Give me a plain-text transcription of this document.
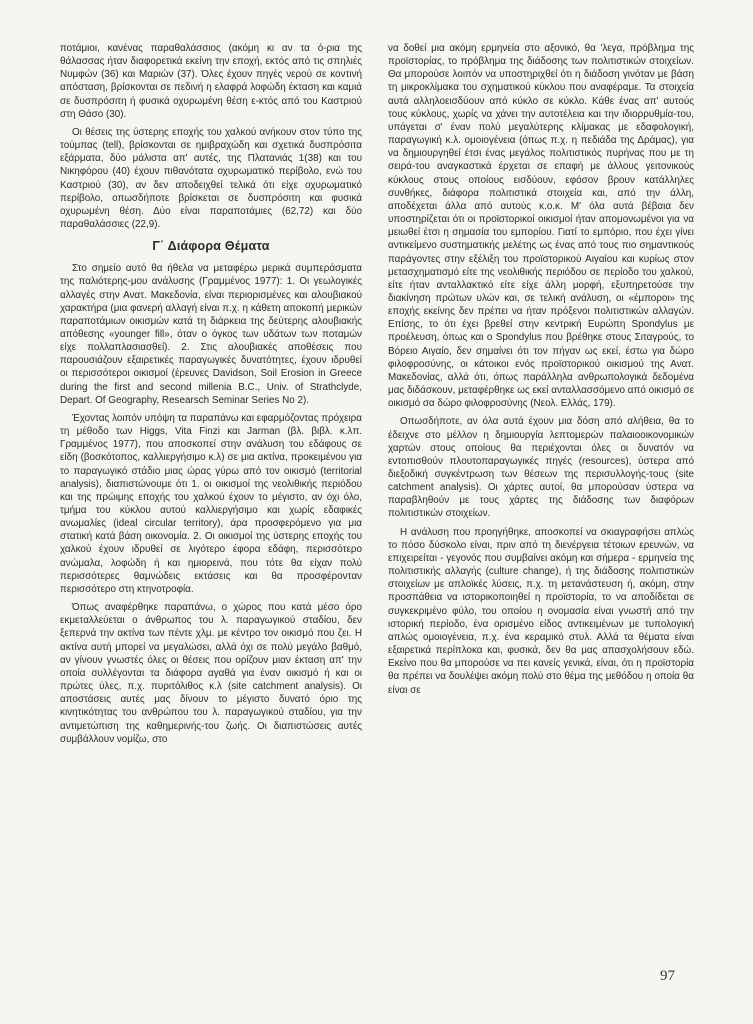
ποτάμιοι, κανένας παραθαλάσσιος (ακόμη κι αν τα ό-ρια της θάλασσας ήταν διαφορετικά εκείνη την εποχή, εκτός από τις σπηλιές Νυμφών (36) και Μαριών (37). Όλες έχουν πηγές νερού σε κοντινή απόσταση, βρίσκονται σε πεδινή η ελαφρά λοφώδη έκταση και καμιά σε δυσπρόσιτη ή φυσικά οχυρωμένη θέση ε-κτός από του Καστριού στη Θάσο (30).

Οι θέσεις της ύστερης εποχής του χαλκού ανήκουν στον τύπο της τούμπας (tell), βρίσκονται σε ημιβραχώδη και σχετικά δυσπρόσιτα εξάρματα, δύο μάλιστα απ' αυτές, της Πλατανιάς 1(38) και του Νικηφόρου (40) έχουν πιθανότατα οχυρωματικό περίβολο, ενώ του Καστριού (30), αν δεν αποδειχθεί τελικά ότι είχε οχυρωματικό περίβολο, οπωσδήποτε βρίσκεται σε δυσπρόσιτη και φυσικά οχυρωμένη θέση. Δύο είναι παραποτάμιες (62,72) και δύο παραθαλάσσιες (22,9).

Γ΄ Διάφορα Θέματα

Στο σημείο αυτό θα ήθελα να μεταφέρω μερικά συμπεράσματα της παλιότερης-μου ανάλυσης (Γραμμένος 1977): 1. Οι γεωλογικές αλλαγές στην Ανατ. Μακεδονία, είναι περιορισμένες και αλουβιακού χαρακτήρα (μια φανερή αλλαγή είναι π.χ. η κάθετη αποκοπή μερικών παραποτάμιων οικισμών κατά τη διάρκεια της δεύτερης αλουβιακής απόθεσης «younger fill», όταν ο όγκος των υδάτων των ποταμών είχε πολλαπλασιασθεί). 2. Στις αλουβιακές αποθέσεις που παρουσιάζουν εξαιρετικές παραγωγικές δυνατότητες, έχουν ιδρυθεί οι περισσότεροι οικισμοί (έρευνες Davidson, Soil Erosion in Greece during the first and second millenia B.C., Univ. of Strathclyde, Depart. Of Geography, Researsch Seminar Series No 2).

Έχοντας λοιπόν υπόψη τα παραπάνω και εφαρμόζοντας πρόχειρα τη μέθοδο των Higgs, Vita Finzi και Jarman (βλ. βιβλ. κ.λπ. Γραμμένος 1977), που αποσκοπεί στην ανάλυση του εδάφους σε είδη (βοσκότοπος, καλλιεργήσιμο κ.λ) σε μια ακτίνα, προκειμένου για το παραγωγικό στάδιο μιας ώρας γύρω από τον οικισμό (territorial analysis), διαπιστώνουμε ότι 1. οι οικισμοί της νεολιθικής περιόδου και της πρώιμης εποχής του χαλκού έχουν το μέγιστο, αν όχι όλο, τμήμα του κύκλου αυτού καλλιεργήσιμο και χωρίς εδαφικές ανωμαλίες (ideal circular territory), άρα προσφερόμενο για μια στατική κατά βάση οικονομία. 2. Οι οικισμοί της ύστερης εποχής του χαλκού έχουν ιδρυθεί σε λιγότερο έφορα εδάφη, περισσότερο ανώμαλα, λοφώδη ή και ημιορεινά, που τότε θα είχαν πολύ περισσότερες θαμνώδεις εκτάσεις και θα προσφέρονταν περισσότερο στη κτηνοτροφία.

Όπως αναφέρθηκε παραπάνω, ο χώρος που κατά μέσο όρο εκμεταλλεύεται ο άνθρωπος του λ. παραγωγικού σταδίου, δεν ξεπερνά την ακτίνα των πέντε χλμ. με κέντρο τον οικισμό που ζει. Η ακτίνα αυτή μπορεί να μεγαλώσει, αλλά όχι σε πολύ μεγάλο βαθμό, αν γίνουν γνωστές όλες οι θέσεις που ορίζουν μιαν έκταση απ' την οποία συλλέγονται τα διάφορα αγαθά για έναν οικισμό ή και οι πρώτες ύλες, π.χ. πυριτόλιθος κ.λ (site catchment analysis). Οι αποστάσεις αυτές μας δίνουν το μέγιστο δυνατό όριο της κινητικότητας του ανθρώπου του λ. παραγωγικού σταδίου, για την αντιμετώπιση της καθημερινής-του ζωής. Οι διαπιστώσεις αυτές συμβάλλουν νομίζω, στο

να δοθεί μια ακόμη ερμηνεία στο αξονικό, θα 'λεγα, πρόβλημα της προϊστορίας, το πρόβλημα της διάδοσης των πολιτιστικών στοιχείων. Θα μπορούσε λοιπόν να υποστηριχθεί ότι η διάδοση γινόταν με βάση τη μικροκλίμακα του σχηματικού κύκλου που αναφέραμε. Τα στοιχεία αυτά αλληλοεισδύουν από κύκλο σε κύκλο. Κάθε ένας απ' αυτούς τους κύκλους, χωρίς να χάνει την αυτοτέλεια και την ιδιορρυθμία-του, υπάγεται σ' έναν πολύ μεγαλύτερης κλίμακας με εδαφολογική, παραγωγική κ.λ. ομοιογένεια (όπως π.χ. η πεδιάδα της Δράμας), για να δημιουργηθεί έτσι ένας μεγάλος πολιτιστικός πυρήνας που με τη σειρά-του αναγκαστικά έρχεται σε επαφή με άλλους γειτονικούς κύκλους στους οποίους εισδύουν, εφόσον βρουν κατάλληλες συνθήκες, διάφορα πολιτιστικά στοιχεία και, από την άλλη, αποδέχεται άλλα από αυτούς κ.ο.κ. Μ' όλα αυτά βέβαια δεν υποστηρίζεται ότι οι προϊστορικοί οικισμοί ήταν απομονωμένοι για να μειωθεί έτσι η σημασία του εμπορίου. Γιατί το εμπόριο, που έχει γίνει αντικείμενο συστηματικής μελέτης ως ένας από τους πιο σημαντικούς παράγοντες στην εξέλιξη του προϊστορικού Αιγαίου και κυρίως στον μετασχηματισμό είτε της νεολιθικής περιόδου σε περίοδο του χαλκού, είτε ήταν ανταλλακτικό είτε είχε άλλη μορφή, εξυπηρετούσε την διακίνηση πρώτων υλών και, σε τελική ανάλυση, οι «έμποροι» της εποχής εκείνης δεν πρέπει να ήταν πρόξενοι πολιτιστικών αλλαγών. Επίσης, το ότι έχει βρεθεί στην κεντρική Ευρώπη Spondylus με προέλευση, όπως και ο Spondylus που βρέθηκε στους Σιταγρούς, το Βόρειο Αιγαίο, δεν σημαίνει ότι τον πήγαν ως εκεί, έστω για δώρο φιλοφροσύνης, οι κάτοικοι ενός προϊστορικού οικισμού της Ανατ. Μακεδονίας, αλλά ότι, όπως παράλληλα ανθρωπολογικά δεδομένα μας διδάσκουν, μεταφέρθηκε ως εκεί ανταλλασσόμενο από οικισμό σε οικισμό σα δώρο φιλοφροσύνης (Νεολ. Ελλάς, 179).

Οπωσδήποτε, αν όλα αυτά έχουν μια δόση από αλήθεια, θα το έδειχνε στο μέλλον η δημιουργία λεπτομερών παλαιοοικονομικών χαρτών στους οποίους θα περιέχονται όλες οι δυνατόν να εντοπισθούν πλουτοπαραγωγικές πηγές (resources), ύστερα από διεξοδική συγκέντρωση των θέσεων της περισυλλογής-τους (site catchment analysis). Οι χάρτες αυτοί, θα μπορούσαν ύστερα να παραβληθούν με τους χάρτες της διάδοσης των διαφόρων πολιτιστικών στοιχείων.

Η ανάλυση που προηγήθηκε, αποσκοπεί να σκιαγραφήσει απλώς το πόσο δύσκολο είναι, πριν από τη διενέργεια τέτοιων ερευνών, να επιχειρείται - γεγονός που συμβαίνει ακόμη και σήμερα - ερμηνεία της πολιτιστικής αλλαγής (culture change), ή της διάδοσης πολιτιστικών στοιχείων με απλοϊκές λύσεις, π.χ. τη μετανάστευση ή, ακόμη, στην προσπάθεια να ιστορικοποιηθεί η προϊστορία, το να αποδίδεται σε συγκεκριμένο φύλο, του οποίου η ονομασία είναι γνωστή από την ιστορική περίοδο, ένα ορισμένο είδος αντικειμένων με τυπολογική απλώς ομοιογένεια, π.χ. ένα κεραμικό στυλ. Αλλά τα θέματα είναι εξαιρετικά περίπλοκα και, φυσικά, δεν θα μας απασχολήσουν εδώ. Εκείνο που θα μπορούσε να πει κανείς γενικά, είναι, ότι η προϊστορία θα πρέπει να δουλέψει ακόμη πολύ στο θέμα της μεθόδου η οποία θα είναι σε

97
